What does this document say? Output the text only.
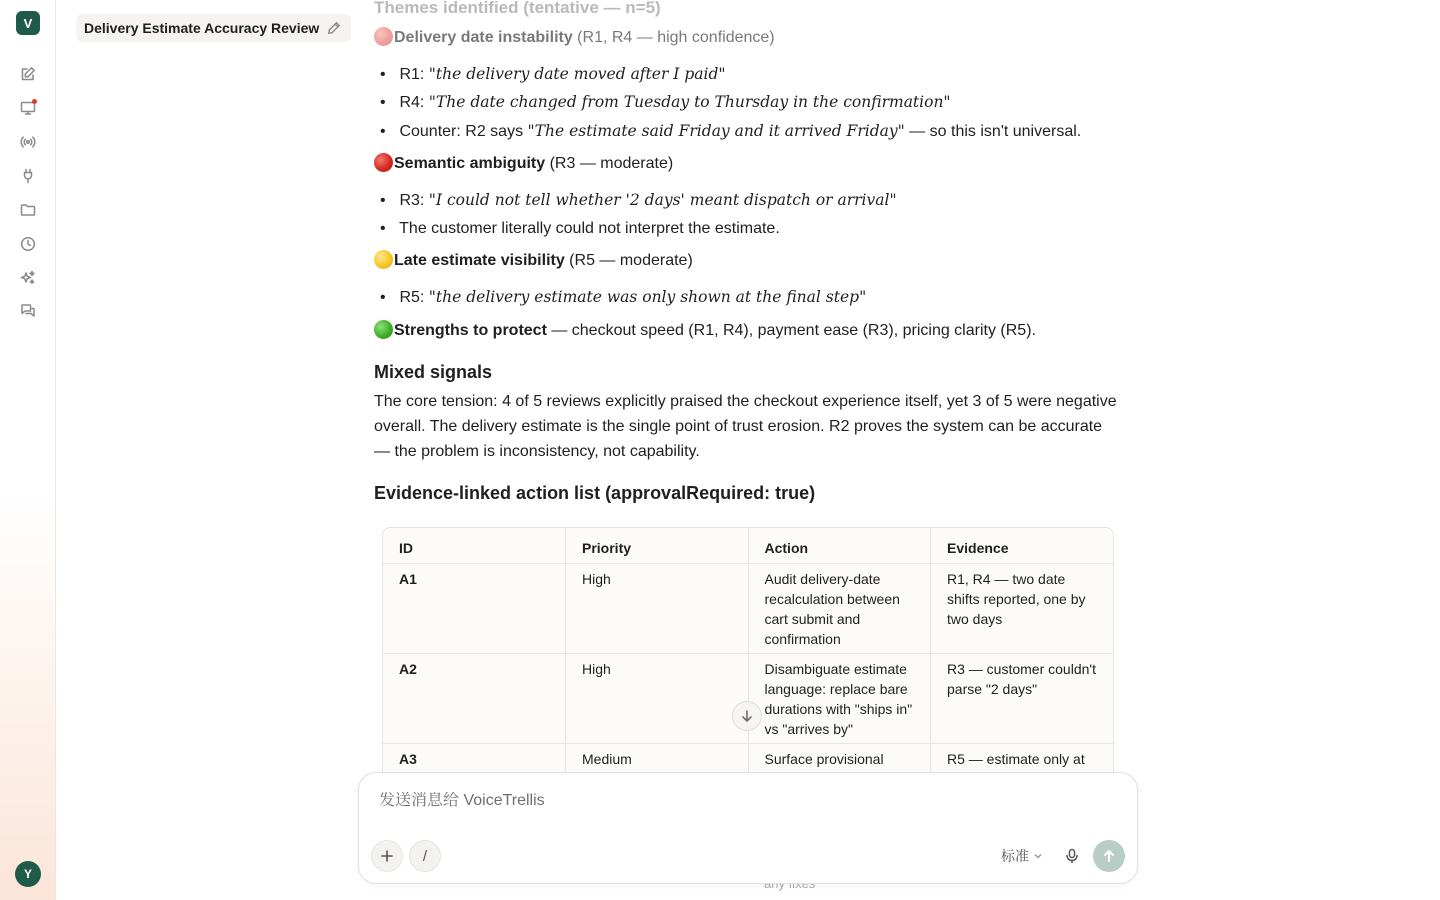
V
Y
Delivery Estimate Accuracy Review
Themes identified (tentative — n=5)
Delivery date instability (R1, R4 — high confidence)
• R1: "the delivery date moved after I paid"
• R4: "The date changed from Tuesday to Thursday in the confirmation"
• Counter: R2 says "The estimate said Friday and it arrived Friday" — so this isn't universal.
Semantic ambiguity (R3 — moderate)
• R3: "I could not tell whether '2 days' meant dispatch or arrival"
• The customer literally could not interpret the estimate.
Late estimate visibility (R5 — moderate)
• R5: "the delivery estimate was only shown at the final step"
Strengths to protect — checkout speed (R1, R4), payment ease (R3), pricing clarity (R5).
Mixed signals
The core tension: 4 of 5 reviews explicitly praised the checkout experience itself, yet 3 of 5 were negative overall. The delivery estimate is the single point of trust erosion. R2 proves the system can be accurate — the problem is inconsistency, not capability.
Evidence-linked action list (approvalRequired: true)
ID	Priority	Action	Evidence
A1	High	Audit delivery-date recalculation between cart submit and confirmation	R1, R4 — two date shifts reported, one by two days
A2	High	Disambiguate estimate language: replace bare durations with "ships in" vs "arrives by"	R3 — customer couldn't parse "2 days"
A3	Medium	Surface provisional	R5 — estimate only at
发送消息给 VoiceTrellis
/	标准
